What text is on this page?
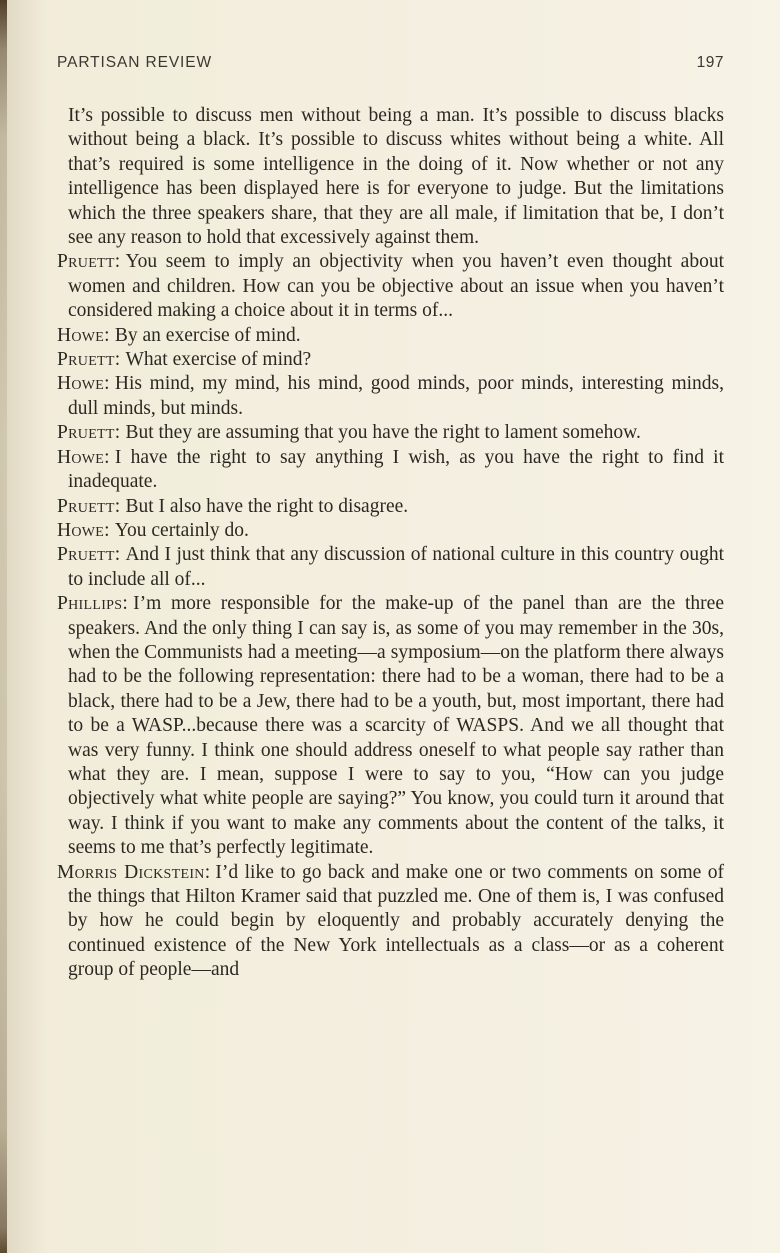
PARTISAN REVIEW	197

It’s possible to discuss men without being a man. It’s possible to discuss blacks without being a black. It’s possible to discuss whites without being a white. All that’s required is some intelligence in the doing of it. Now whether or not any intelligence has been displayed here is for everyone to judge. But the limitations which the three speakers share, that they are all male, if limitation that be, I don’t see any reason to hold that excessively against them.

Pruett: You seem to imply an objectivity when you haven’t even thought about women and children. How can you be objective about an issue when you haven’t considered making a choice about it in terms of...

Howe: By an exercise of mind.

Pruett: What exercise of mind?

Howe: His mind, my mind, his mind, good minds, poor minds, interesting minds, dull minds, but minds.

Pruett: But they are assuming that you have the right to lament somehow.

Howe: I have the right to say anything I wish, as you have the right to find it inadequate.

Pruett: But I also have the right to disagree.

Howe: You certainly do.

Pruett: And I just think that any discussion of national culture in this country ought to include all of...

Phillips: I’m more responsible for the make-up of the panel than are the three speakers. And the only thing I can say is, as some of you may remember in the 30s, when the Communists had a meeting—a symposium—on the platform there always had to be the following representation: there had to be a woman, there had to be a black, there had to be a Jew, there had to be a youth, but, most important, there had to be a WASP...because there was a scarcity of WASPS. And we all thought that was very funny. I think one should address oneself to what people say rather than what they are. I mean, suppose I were to say to you, “How can you judge objectively what white people are saying?” You know, you could turn it around that way. I think if you want to make any comments about the content of the talks, it seems to me that’s perfectly legitimate.

Morris Dickstein: I’d like to go back and make one or two comments on some of the things that Hilton Kramer said that puzzled me. One of them is, I was confused by how he could begin by eloquently and probably accurately denying the continued existence of the New York intellectuals as a class—or as a coherent group of people—and
